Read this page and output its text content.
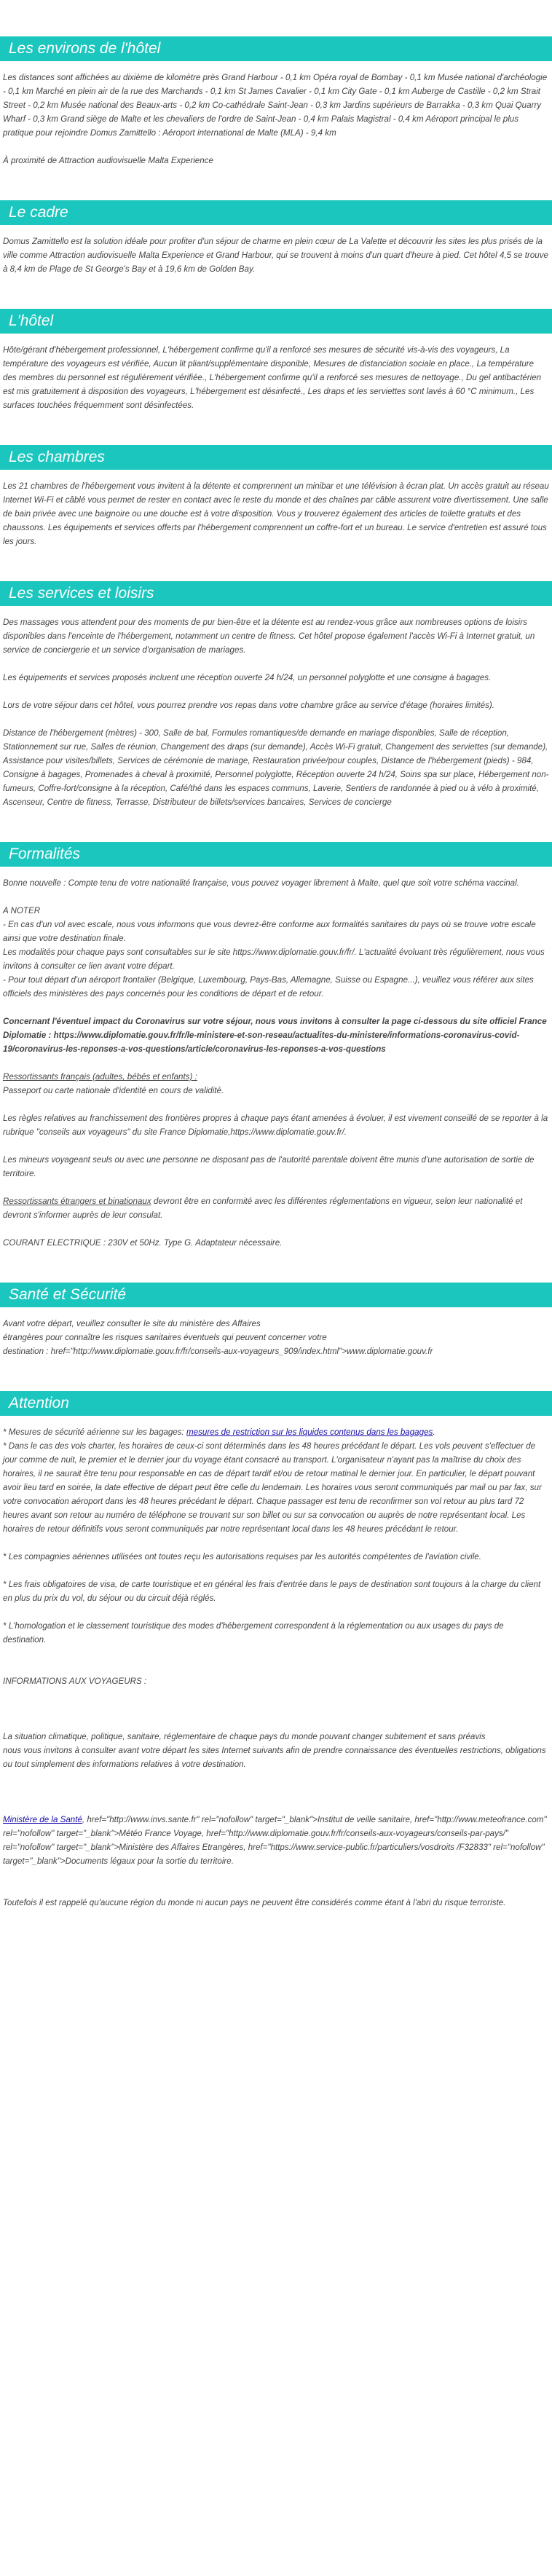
Les environs de l'hôtel

Les distances sont affichées au dixième de kilomètre près Grand Harbour - 0,1 km Opéra royal de Bombay - 0,1 km Musée national d'archéologie - 0,1 km Marché en plein air de la rue des Marchands - 0,1 km St James Cavalier - 0,1 km City Gate - 0,1 km Auberge de Castille - 0,2 km Strait Street - 0,2 km Musée national des Beaux-arts - 0,2 km Co-cathédrale Saint-Jean - 0,3 km Jardins supérieurs de Barrakka - 0,3 km Quai Quarry Wharf - 0,3 km Grand siège de Malte et les chevaliers de l'ordre de Saint-Jean - 0,4 km Palais Magistral - 0,4 km Aéroport principal le plus pratique pour rejoindre Domus Zamittello : Aéroport international de Malte (MLA) - 9,4 km

À proximité de Attraction audiovisuelle Malta Experience

Le cadre

Domus Zamittello est la solution idéale pour profiter d'un séjour de charme en plein cœur de La Valette et découvrir les sites les plus prisés de la ville comme Attraction audiovisuelle Malta Experience et Grand Harbour, qui se trouvent à moins d'un quart d'heure à pied. Cet hôtel 4,5 se trouve à 8,4 km de Plage de St George's Bay et à 19,6 km de Golden Bay.

L'hôtel

Hôte/gérant d'hébergement professionnel, L'hébergement confirme qu'il a renforcé ses mesures de sécurité vis-à-vis des voyageurs, La température des voyageurs est vérifiée, Aucun lit pliant/supplémentaire disponible, Mesures de distanciation sociale en place., La température des membres du personnel est régulièrement vérifiée., L'hébergement confirme qu'il a renforcé ses mesures de nettoyage., Du gel antibactérien est mis gratuitement à disposition des voyageurs, L'hébergement est désinfecté., Les draps et les serviettes sont lavés à 60 °C minimum., Les surfaces touchées fréquemment sont désinfectées.

Les chambres

Les 21 chambres de l'hébergement vous invitent à la détente et comprennent un minibar et une télévision à écran plat. Un accès gratuit au réseau Internet Wi-Fi et câblé vous permet de rester en contact avec le reste du monde et des chaînes par câble assurent votre divertissement. Une salle de bain privée avec une baignoire ou une douche est à votre disposition. Vous y trouverez également des articles de toilette gratuits et des chaussons. Les équipements et services offerts par l'hébergement comprennent un coffre-fort et un bureau. Le service d'entretien est assuré tous les jours.

Les services et loisirs

Des massages vous attendent pour des moments de pur bien-être et la détente est au rendez-vous grâce aux nombreuses options de loisirs disponibles dans l'enceinte de l'hébergement, notamment un centre de fitness. Cet hôtel propose également l'accès Wi-Fi à Internet gratuit, un service de conciergerie et un service d'organisation de mariages.

Les équipements et services proposés incluent une réception ouverte 24 h/24, un personnel polyglotte et une consigne à bagages.

Lors de votre séjour dans cet hôtel, vous pourrez prendre vos repas dans votre chambre grâce au service d'étage (horaires limités).

Distance de l'hébergement (mètres) - 300, Salle de bal, Formules romantiques/de demande en mariage disponibles, Salle de réception, Stationnement sur rue, Salles de réunion, Changement des draps (sur demande), Accès Wi-Fi gratuit, Changement des serviettes (sur demande), Assistance pour visites/billets, Services de cérémonie de mariage, Restauration privée/pour couples, Distance de l'hébergement (pieds) - 984, Consigne à bagages, Promenades à cheval à proximité, Personnel polyglotte, Réception ouverte 24 h/24, Soins spa sur place, Hébergement non-fumeurs, Coffre-fort/consigne à la réception, Café/thé dans les espaces communs, Laverie, Sentiers de randonnée à pied ou à vélo à proximité, Ascenseur, Centre de fitness, Terrasse, Distributeur de billets/services bancaires, Services de concierge

Formalités

Bonne nouvelle : Compte tenu de votre nationalité française, vous pouvez voyager librement à Malte, quel que soit votre schéma vaccinal.

A NOTER

- En cas d'un vol avec escale, nous vous informons que vous devrez-être conforme aux formalités sanitaires du pays où se trouve votre escale ainsi que votre destination finale.

Les modalités pour chaque pays sont consultables sur le site https://www.diplomatie.gouv.fr/fr/. L'actualité évoluant très régulièrement, nous vous invitons à consulter ce lien avant votre départ.

- Pour tout départ d'un aéroport frontalier (Belgique, Luxembourg, Pays-Bas, Allemagne, Suisse ou Espagne...), veuillez vous référer aux sites officiels des ministères des pays concernés pour les conditions de départ et de retour.

Concernant l'éventuel impact du Coronavirus sur votre séjour, nous vous invitons à consulter la page ci-dessous du site officiel France Diplomatie : https://www.diplomatie.gouv.fr/fr/le-ministere-et-son-reseau/actualites-du-ministere/informations-coronavirus-covid-19/coronavirus-les-reponses-a-vos-questions/article/coronavirus-les-reponses-a-vos-questions

Ressortissants français (adultes, bébés et enfants) :

Passeport ou carte nationale d'identité en cours de validité.

Les règles relatives au franchissement des frontières propres à chaque pays étant amenées à évoluer, il est vivement conseillé de se reporter à la rubrique "conseils aux voyageurs" du site France Diplomatie,https://www.diplomatie.gouv.fr/.

Les mineurs voyageant seuls ou avec une personne ne disposant pas de l'autorité parentale doivent être munis d'une autorisation de sortie de territoire.

Ressortissants étrangers et binationaux devront être en conformité avec les différentes réglementations en vigueur, selon leur nationalité et devront s'informer auprès de leur consulat.

COURANT ELECTRIQUE : 230V et 50Hz. Type G. Adaptateur nécessaire.

Santé et Sécurité

Avant votre départ, veuillez consulter le site du ministère des Affaires

étrangères pour connaître les risques sanitaires éventuels qui peuvent concerner votre

destination : href="http://www.diplomatie.gouv.fr/fr/conseils-aux-voyageurs_909/index.html">www.diplomatie.gouv.fr

Attention

* Mesures de sécurité aérienne sur les bagages: mesures de restriction sur les liquides contenus dans les bagages.

* Dans le cas des vols charter, les horaires de ceux-ci sont déterminés dans les 48 heures précédant le départ. Les vols peuvent s'effectuer de jour comme de nuit, le premier et le dernier jour du voyage étant consacré au transport. L'organisateur n'ayant pas la maîtrise du choix des horaires, il ne saurait être tenu pour responsable en cas de départ tardif et/ou de retour matinal le dernier jour. En particulier, le départ pouvant avoir lieu tard en soirée, la date effective de départ peut être celle du lendemain. Les horaires vous seront communiqués par mail ou par fax, sur votre convocation aéroport dans les 48 heures précédant le départ. Chaque passager est tenu de reconfirmer son vol retour au plus tard 72 heures avant son retour au numéro de téléphone se trouvant sur son billet ou sur sa convocation ou auprès de notre représentant local. Les horaires de retour définitifs vous seront communiqués par notre représentant local dans les 48 heures précédant le retour.

* Les compagnies aériennes utilisées ont toutes reçu les autorisations requises par les autorités compétentes de l'aviation civile.

* Les frais obligatoires de visa, de carte touristique et en général les frais d'entrée dans le pays de destination sont toujours à la charge du client en plus du prix du vol, du séjour ou du circuit déjà réglés.

* L'homologation et le classement touristique des modes d'hébergement correspondent à la réglementation ou aux usages du pays de destination.

INFORMATIONS AUX VOYAGEURS :

La situation climatique, politique, sanitaire, réglementaire de chaque pays du monde pouvant changer subitement et sans préavis

nous vous invitons à consulter avant votre départ les sites Internet suivants afin de prendre connaissance des éventuelles restrictions, obligations ou tout simplement des informations relatives à votre destination.

Ministère de la Santé, href="http://www.invs.sante.fr" rel="nofollow" target="_blank">Institut de veille sanitaire, href="http://www.meteofrance.com" rel="nofollow" target="_blank">Météo France Voyage, href="http://www.diplomatie.gouv.fr/fr/conseils-aux-voyageurs/conseils-par-pays/" rel="nofollow" target="_blank">Ministère des Affaires Etrangères, href="https://www.service-public.fr/particuliers/vosdroits /F32833" rel="nofollow" target="_blank">Documents légaux pour la sortie du territoire.

Toutefois il est rappelé qu'aucune région du monde ni aucun pays ne peuvent être considérés comme étant à l'abri du risque terroriste.
